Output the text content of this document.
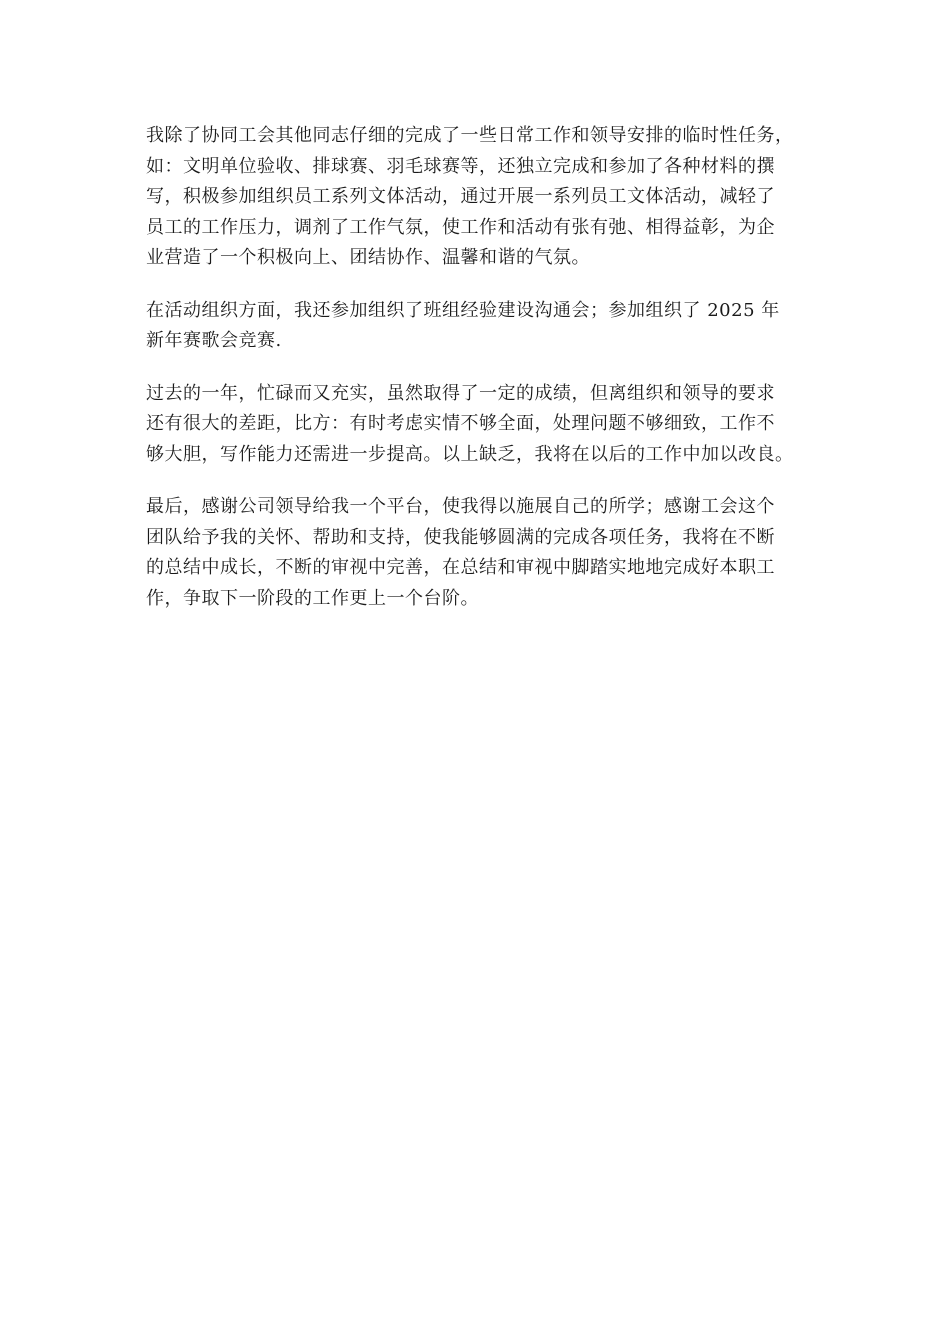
我除了协同工会其他同志仔细的完成了一些日常工作和领导安排的临时性任务，
如：文明单位验收、排球赛、羽毛球赛等，还独立完成和参加了各种材料的撰
写，积极参加组织员工系列文体活动，通过开展一系列员工文体活动，减轻了
员工的工作压力，调剂了工作气氛，使工作和活动有张有弛、相得益彰，为企
业营造了一个积极向上、团结协作、温馨和谐的气氛。

在活动组织方面，我还参加组织了班组经验建设沟通会；参加组织了 2025 年
新年赛歌会竞赛.

过去的一年，忙碌而又充实，虽然取得了一定的成绩，但离组织和领导的要求
还有很大的差距，比方：有时考虑实情不够全面，处理问题不够细致，工作不
够大胆，写作能力还需进一步提高。以上缺乏，我将在以后的工作中加以改良。

最后，感谢公司领导给我一个平台，使我得以施展自己的所学；感谢工会这个
团队给予我的关怀、帮助和支持，使我能够圆满的完成各项任务，我将在不断
的总结中成长，不断的审视中完善，在总结和审视中脚踏实地地完成好本职工
作，争取下一阶段的工作更上一个台阶。
